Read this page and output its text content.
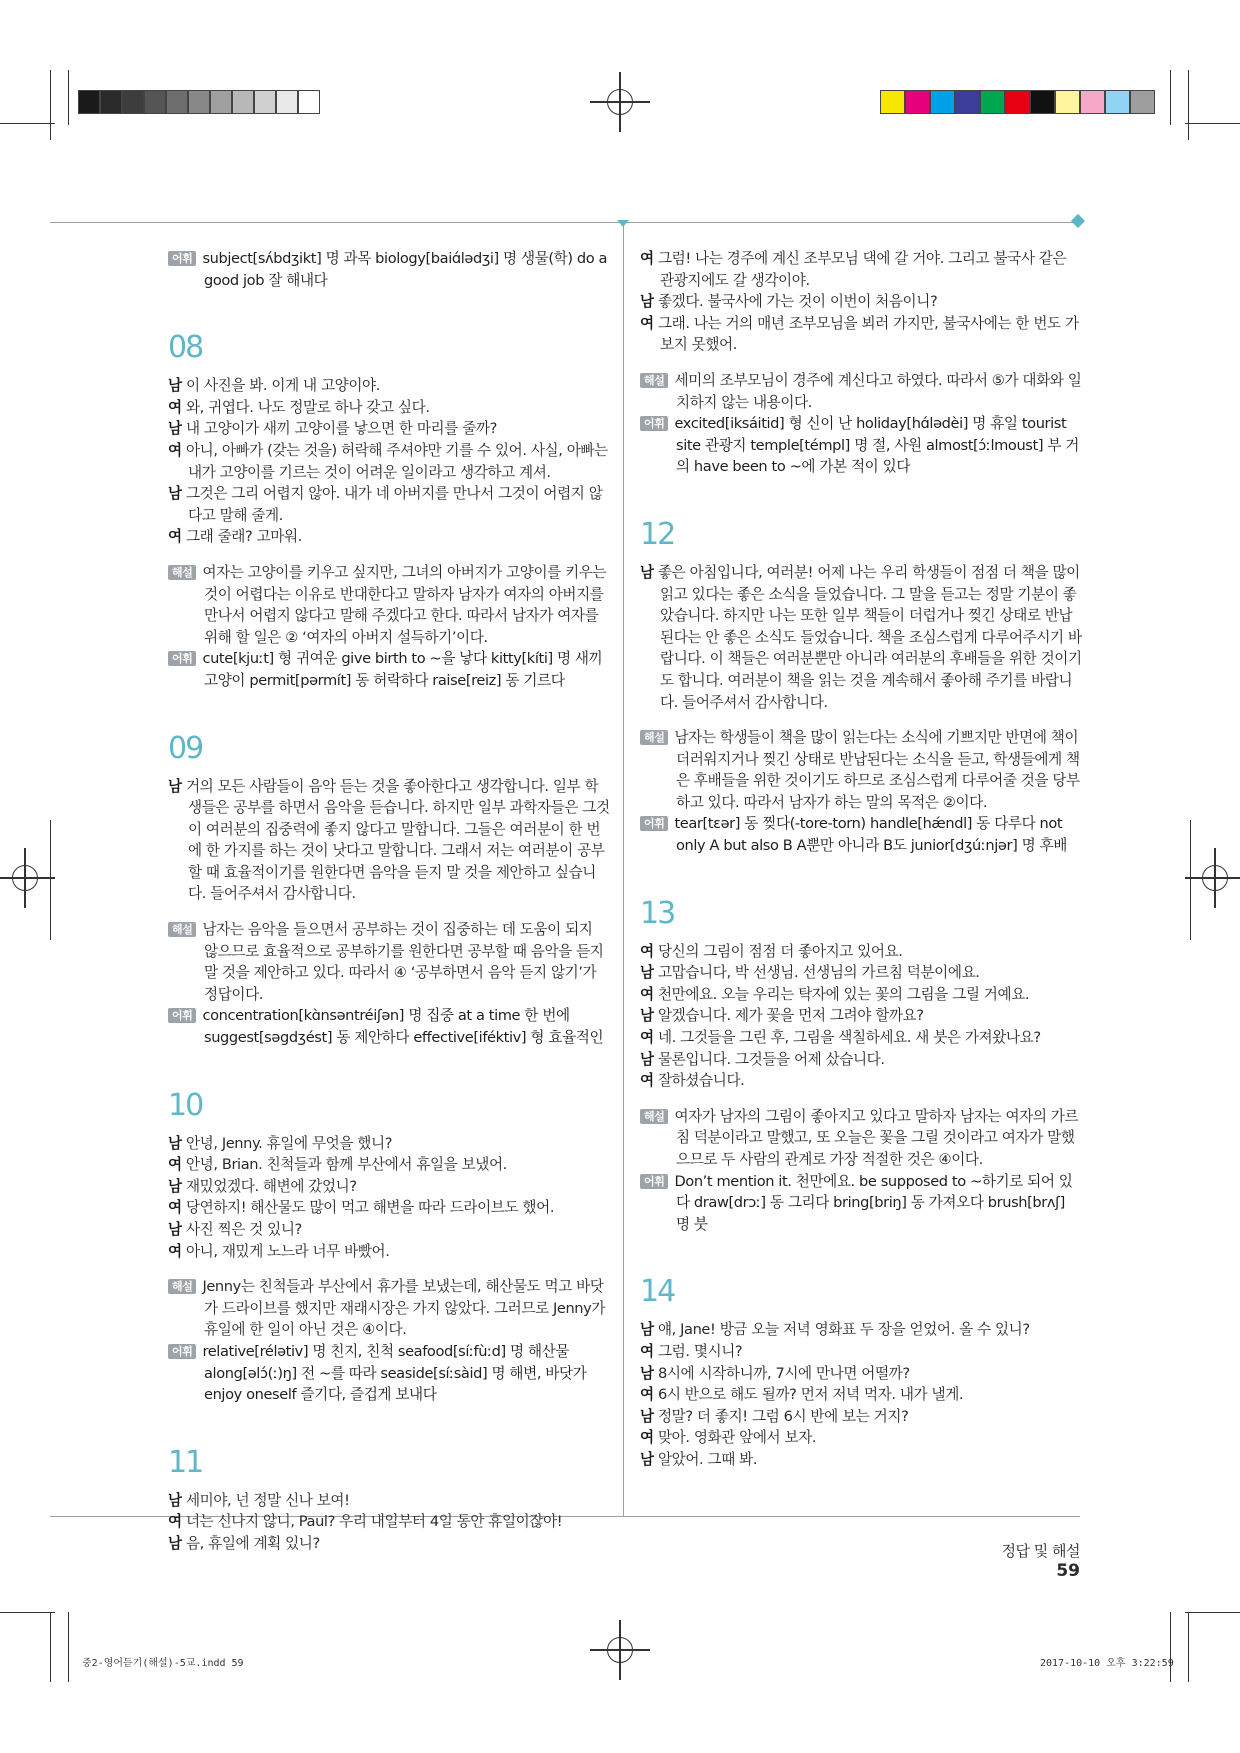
어휘 subject[sʌ́bdʒikt] 명 과목 biology[baiɑ́lədʒi] 명 생물(학) do a good job 잘 해내다

08

남 이 사진을 봐. 이게 내 고양이야.

여 와, 귀엽다. 나도 정말로 하나 갖고 싶다.

남 내 고양이가 새끼 고양이를 낳으면 한 마리를 줄까?

여 아니, 아빠가 (갖는 것을) 허락해 주셔야만 기를 수 있어. 사실, 아빠는 내가 고양이를 기르는 것이 어려운 일이라고 생각하고 계셔.

남 그것은 그리 어렵지 않아. 내가 네 아버지를 만나서 그것이 어렵지 않다고 말해 줄게.

여 그래 줄래? 고마워.

해설 여자는 고양이를 키우고 싶지만, 그녀의 아버지가 고양이를 키우는 것이 어렵다는 이유로 반대한다고 말하자 남자가 여자의 아버지를 만나서 어렵지 않다고 말해 주겠다고 한다. 따라서 남자가 여자를 위해 할 일은 ② ‘여자의 아버지 설득하기’이다.

어휘 cute[kjuːt] 형 귀여운 give birth to ~을 낳다 kitty[kíti] 명 새끼 고양이 permit[pərmít] 동 허락하다 raise[reiz] 동 기르다

09

남 거의 모든 사람들이 음악 듣는 것을 좋아한다고 생각합니다. 일부 학생들은 공부를 하면서 음악을 듣습니다. 하지만 일부 과학자들은 그것이 여러분의 집중력에 좋지 않다고 말합니다. 그들은 여러분이 한 번에 한 가지를 하는 것이 낫다고 말합니다. 그래서 저는 여러분이 공부할 때 효율적이기를 원한다면 음악을 듣지 말 것을 제안하고 싶습니다. 들어주셔서 감사합니다.

해설 남자는 음악을 들으면서 공부하는 것이 집중하는 데 도움이 되지 않으므로 효율적으로 공부하기를 원한다면 공부할 때 음악을 듣지 말 것을 제안하고 있다. 따라서 ④ ‘공부하면서 음악 듣지 않기’가 정답이다.

어휘 concentration[kɑ̀nsəntréiʃən] 명 집중 at a time 한 번에 suggest[səgdʒést] 동 제안하다 effective[iféktiv] 형 효율적인

10

남 안녕, Jenny. 휴일에 무엇을 했니?

여 안녕, Brian. 친척들과 함께 부산에서 휴일을 보냈어.

남 재밌었겠다. 해변에 갔었니?

여 당연하지! 해산물도 많이 먹고 해변을 따라 드라이브도 했어.

남 사진 찍은 것 있니?

여 아니, 재밌게 노느라 너무 바빴어.

해설 Jenny는 친척들과 부산에서 휴가를 보냈는데, 해산물도 먹고 바닷가 드라이브를 했지만 재래시장은 가지 않았다. 그러므로 Jenny가 휴일에 한 일이 아닌 것은 ④이다.

어휘 relative[rélətiv] 명 친지, 친척 seafood[síːfùːd] 명 해산물 along[əlɔ́(ː)ŋ] 전 ~를 따라 seaside[síːsàid] 명 해변, 바닷가 enjoy oneself 즐기다, 즐겁게 보내다

11

남 세미야, 넌 정말 신나 보여!

여 너는 신나지 않니, Paul? 우리 내일부터 4일 동안 휴일이잖아!

남 음, 휴일에 계획 있니?

여 그럼! 나는 경주에 계신 조부모님 댁에 갈 거야. 그리고 불국사 같은 관광지에도 갈 생각이야.

남 좋겠다. 불국사에 가는 것이 이번이 처음이니?

여 그래. 나는 거의 매년 조부모님을 뵈러 가지만, 불국사에는 한 번도 가보지 못했어.

해설 세미의 조부모님이 경주에 계신다고 하였다. 따라서 ⑤가 대화와 일치하지 않는 내용이다.

어휘 excited[iksáitid] 형 신이 난 holiday[hɑ́lədèi] 명 휴일 tourist site 관광지 temple[témpl] 명 절, 사원 almost[ɔ́ːlmoust] 부 거의 have been to ~에 가본 적이 있다

12

남 좋은 아침입니다, 여러분! 어제 나는 우리 학생들이 점점 더 책을 많이 읽고 있다는 좋은 소식을 들었습니다. 그 말을 듣고는 정말 기분이 좋았습니다. 하지만 나는 또한 일부 책들이 더럽거나 찢긴 상태로 반납된다는 안 좋은 소식도 들었습니다. 책을 조심스럽게 다루어주시기 바랍니다. 이 책들은 여러분뿐만 아니라 여러분의 후배들을 위한 것이기도 합니다. 여러분이 책을 읽는 것을 계속해서 좋아해 주기를 바랍니다. 들어주셔서 감사합니다.

해설 남자는 학생들이 책을 많이 읽는다는 소식에 기쁘지만 반면에 책이 더러워지거나 찢긴 상태로 반납된다는 소식을 듣고, 학생들에게 책은 후배들을 위한 것이기도 하므로 조심스럽게 다루어줄 것을 당부하고 있다. 따라서 남자가 하는 말의 목적은 ②이다.

어휘 tear[tɛər] 동 찢다(-tore-torn) handle[hǽndl] 동 다루다 not only A but also B A뿐만 아니라 B도 junior[dʒúːnjər] 명 후배

13

여 당신의 그림이 점점 더 좋아지고 있어요.

남 고맙습니다, 박 선생님. 선생님의 가르침 덕분이에요.

여 천만에요. 오늘 우리는 탁자에 있는 꽃의 그림을 그릴 거예요.

남 알겠습니다. 제가 꽃을 먼저 그려야 할까요?

여 네. 그것들을 그린 후, 그림을 색칠하세요. 새 붓은 가져왔나요?

남 물론입니다. 그것들을 어제 샀습니다.

여 잘하셨습니다.

해설 여자가 남자의 그림이 좋아지고 있다고 말하자 남자는 여자의 가르침 덕분이라고 말했고, 또 오늘은 꽃을 그릴 것이라고 여자가 말했으므로 두 사람의 관계로 가장 적절한 것은 ④이다.

어휘 Don’t mention it. 천만에요. be supposed to ~하기로 되어 있다 draw[drɔː] 동 그리다 bring[briŋ] 동 가져오다 brush[brʌʃ] 명 붓

14

남 얘, Jane! 방금 오늘 저녁 영화표 두 장을 얻었어. 올 수 있니?

여 그럼. 몇시니?

남 8시에 시작하니까, 7시에 만나면 어떨까?

여 6시 반으로 해도 될까? 먼저 저녁 먹자. 내가 낼게.

남 정말? 더 좋지! 그럼 6시 반에 보는 거지?

여 맞아. 영화관 앞에서 보자.

남 알았어. 그때 봐.

정답 및 해설 59
중2-영어듣기(해설)-5교.indd 59	2017-10-10 오후 3:22:59
